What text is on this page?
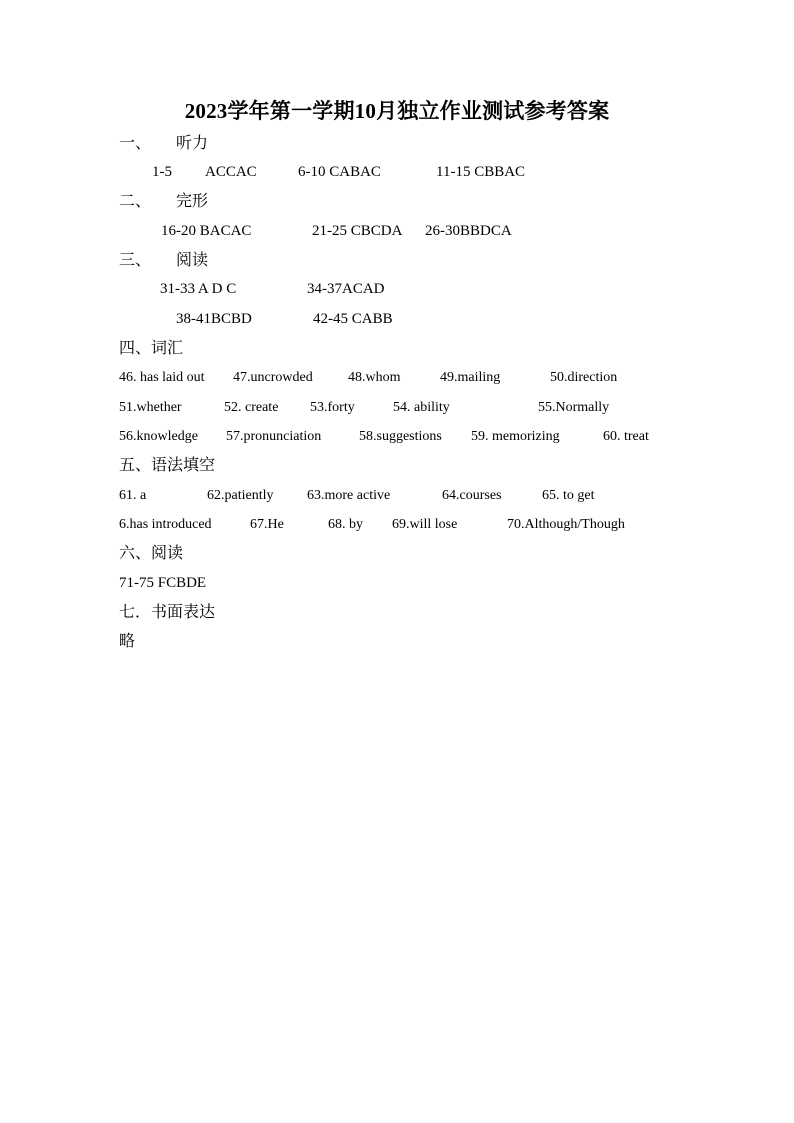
2023学年第一学期10月独立作业测试参考答案
一、 听力
1-5 ACCAC	6-10 CABAC	11-15 CBBAC
二、 完形
16-20 BACAC	21-25 CBCDA 26-30BBDCA
三、 阅读
31-33 A D C	34-37ACAD
38-41BCBD	42-45 CABB
四、词汇
46. has laid out 47.uncrowded	48.whom	49.mailing	50.direction
51.whether	52. create 53.forty	54. ability	55.Normally
56.knowledge 57.pronunciation	58.suggestions 59. memorizing	60. treat
五、语法填空
61. a	62.patiently 63.more active	64.courses	65. to get
6.has introduced	67.He	68. by 69.will lose	70.Although/Though
六、阅读
71-75 FCBDE
七．书面表达
略
